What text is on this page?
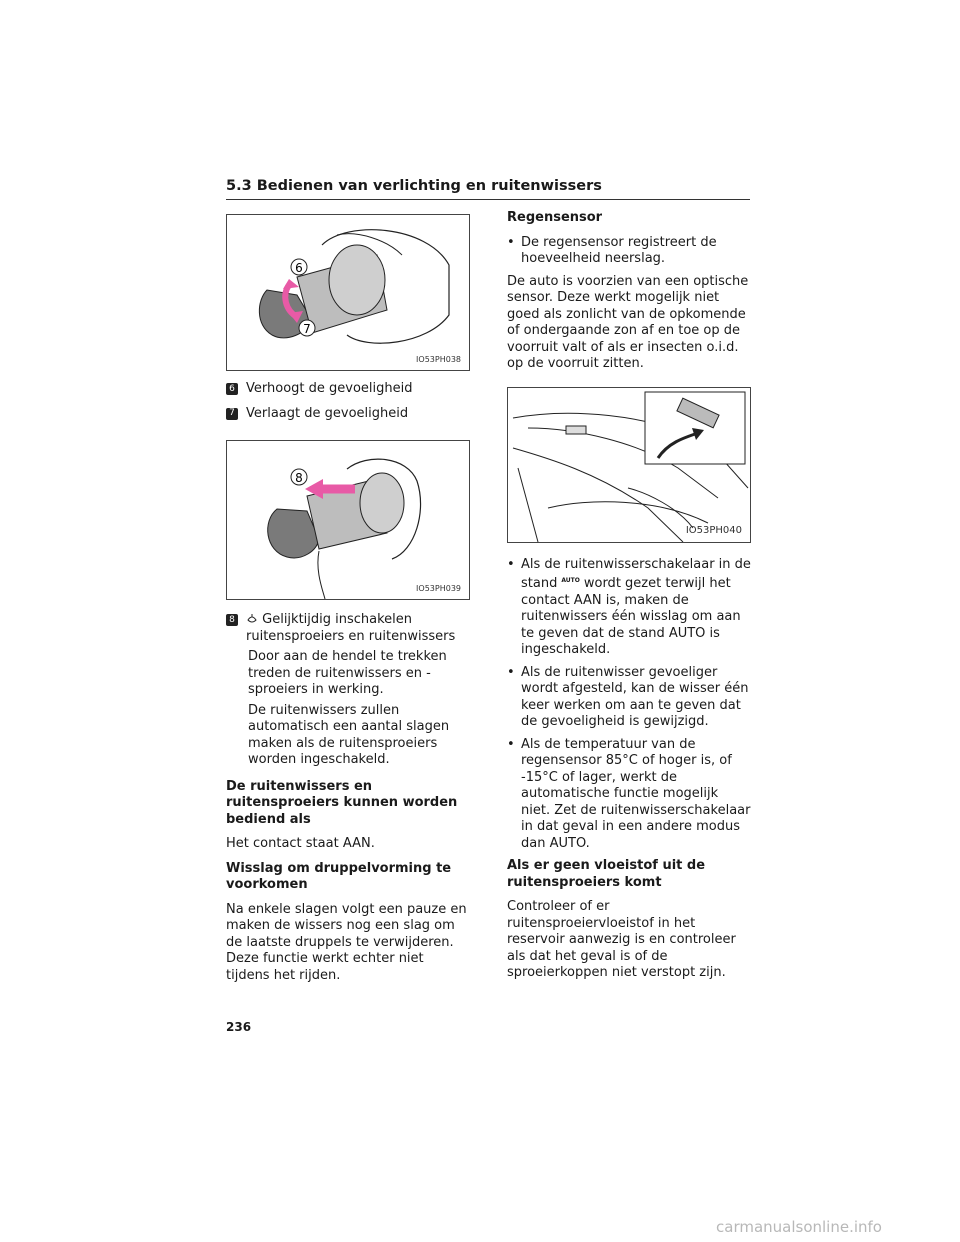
5.3 Bedienen van verlichting en ruitenwissers
6
7
IO53PH038
6 Verhoogt de gevoeligheid
7 Verlaagt de gevoeligheid
8
IO53PH039
8	Gelijktijdig inschakelen ruitensproeiers en ruitenwissers

Door aan de hendel te trekken treden de ruitenwissers en -sproeiers in werking.

De ruitenwissers zullen automatisch een aantal slagen maken als de ruitensproeiers worden ingeschakeld.

De ruitenwissers en ruitensproeiers kunnen worden bediend als

Het contact staat AAN.

Wisslag om druppelvorming te voorkomen

Na enkele slagen volgt een pauze en maken de wissers nog een slag om de laatste druppels te verwijderen. Deze functie werkt echter niet tijdens het rijden.

Regensensor

• De regensensor registreert de hoeveelheid neerslag.

De auto is voorzien van een optische sensor. Deze werkt mogelijk niet goed als zonlicht van de opkomende of ondergaande zon af en toe op de voorruit valt of als er insecten o.i.d. op de voorruit zitten.

IO53PH040
• Als de ruitenwisserschakelaar in de stand AUTO wordt gezet terwijl het contact AAN is, maken de ruitenwissers één wisslag om aan te geven dat de stand AUTO is ingeschakeld.
• Als de ruitenwisser gevoeliger wordt afgesteld, kan de wisser één keer werken om aan te geven dat de gevoeligheid is gewijzigd.
• Als de temperatuur van de regensensor 85°C of hoger is, of -15°C of lager, werkt de automatische functie mogelijk niet. Zet de ruitenwisserschakelaar in dat geval in een andere modus dan AUTO.

Als er geen vloeistof uit de ruitensproeiers komt

Controleer of er ruitensproeiervloeistof in het reservoir aanwezig is en controleer als dat het geval is of de sproeierkoppen niet verstopt zijn.

236
carmanualsonline.info
